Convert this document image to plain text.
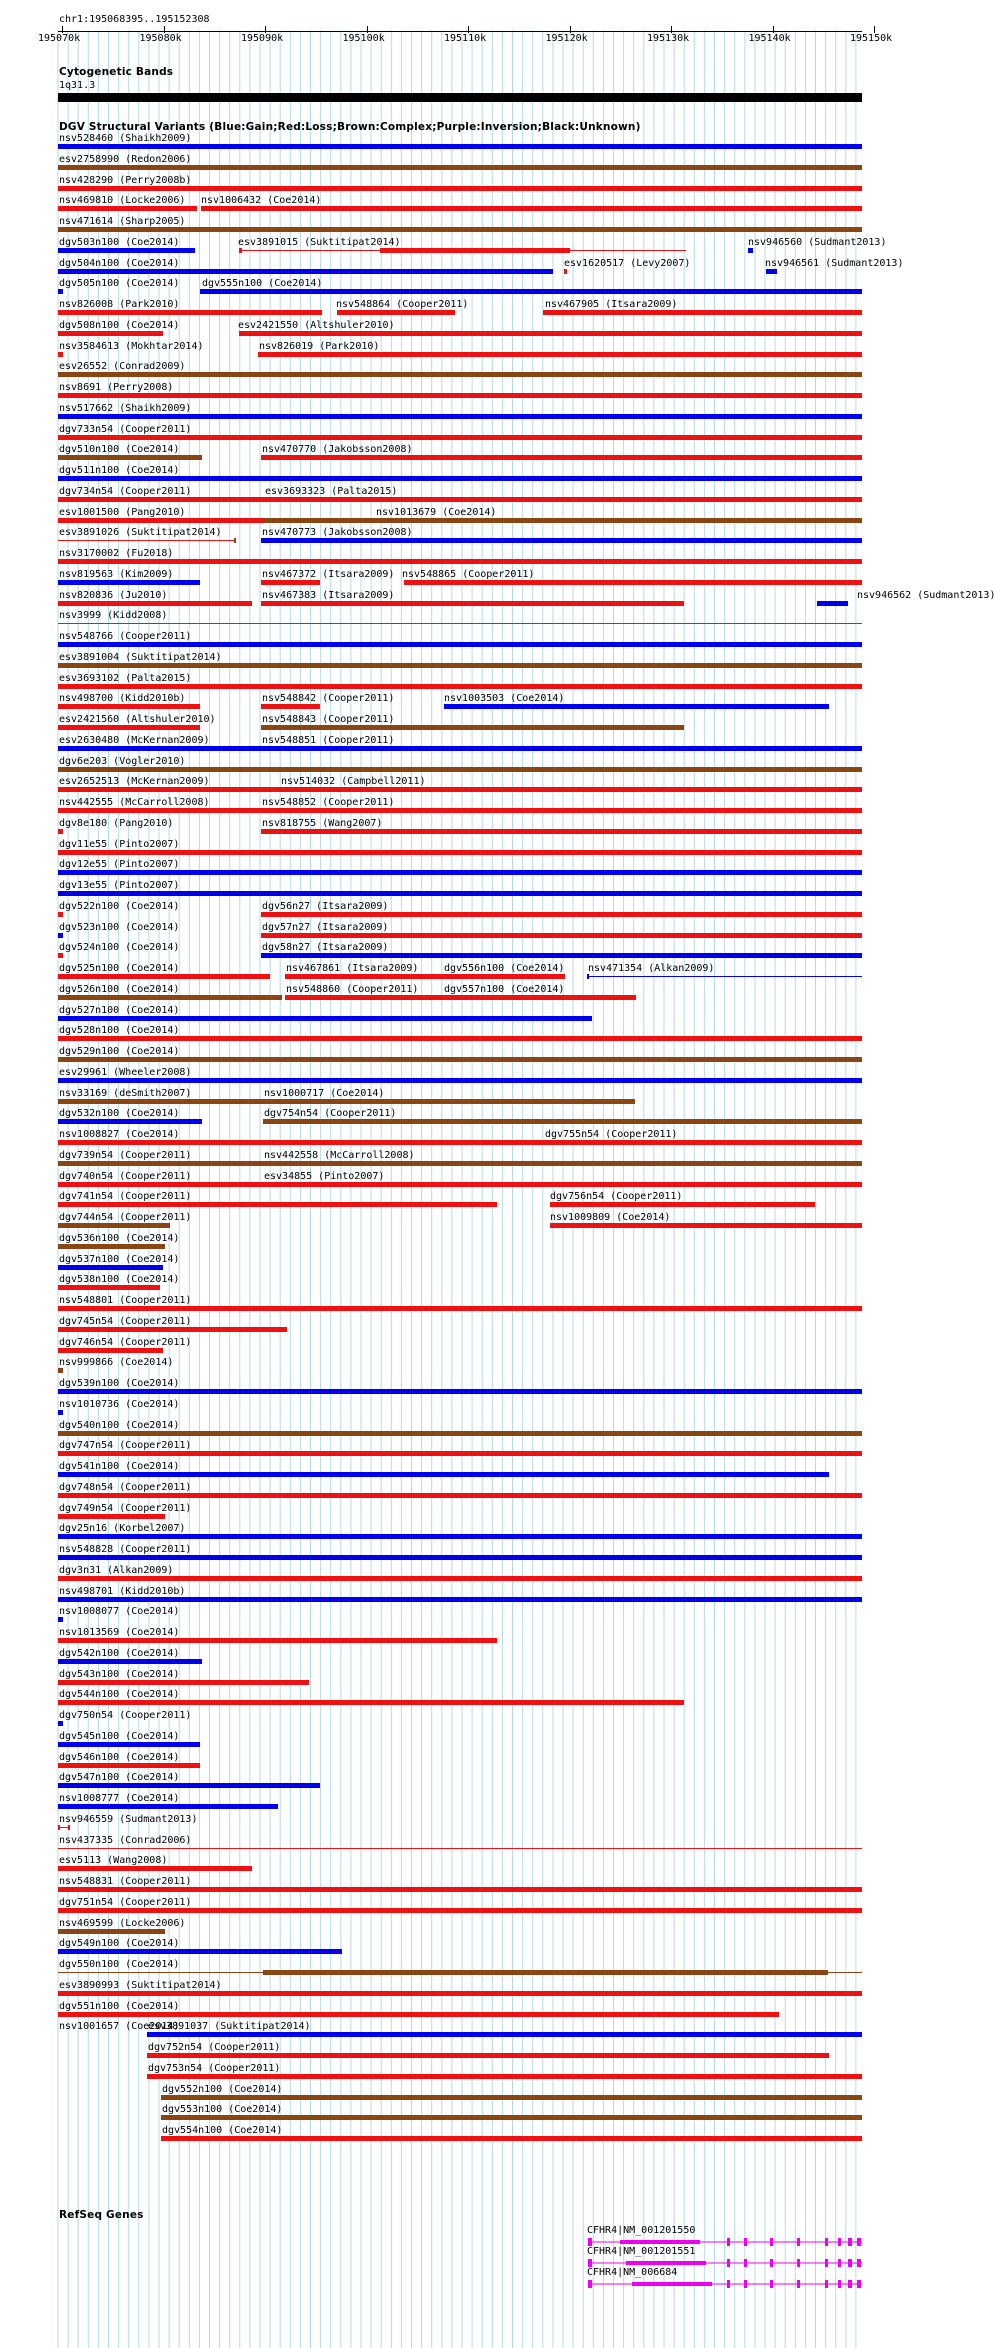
chr1:195068395..195152308
195070k	195080k	195090k	195100k	195110k	195120k	195130k	195140k	195150k
Cytogenetic Bands
1q31.3
DGV Structural Variants (Blue:Gain;Red:Loss;Brown:Complex;Purple:Inversion;Black:Unknown)
nsv528460 (Shaikh2009)
esv2758990 (Redon2006)
nsv428290 (Perry2008b)
nsv469810 (Locke2006) nsv1006432 (Coe2014)
nsv471614 (Sharp2005)
dgv503n100 (Coe2014)	esv3891015 (Suktitipat2014)	nsv946560 (Sudmant2013)
dgv504n100 (Coe2014)	esv1620517 (Levy2007)	nsv946561 (Sudmant2013)
dgv505n100 (Coe2014) dgv555n100 (Coe2014)
nsv826008 (Park2010)	nsv548864 (Cooper2011)	nsv467905 (Itsara2009)
dgv508n100 (Coe2014)	esv2421550 (Altshuler2010)
nsv3584613 (Mokhtar2014)	nsv826019 (Park2010)
esv26552 (Conrad2009)
nsv8691 (Perry2008)
nsv517662 (Shaikh2009)
dgv733n54 (Cooper2011)
dgv510n100 (Coe2014)	nsv470770 (Jakobsson2008)
dgv511n100 (Coe2014)
dgv734n54 (Cooper2011)	esv3693323 (Palta2015)
esv1001500 (Pang2010)	nsv1013679 (Coe2014)
esv3891026 (Suktitipat2014)	nsv470773 (Jakobsson2008)
nsv3170002 (Fu2018)
nsv819563 (Kim2009)	nsv467372 (Itsara2009) nsv548865 (Cooper2011)
nsv820836 (Ju2010)	nsv467383 (Itsara2009)	nsv946562 (Sudmant2013)
nsv3999 (Kidd2008)
nsv548766 (Cooper2011)
esv3891004 (Suktitipat2014)
esv3693102 (Palta2015)
nsv498700 (Kidd2010b)	nsv548842 (Cooper2011)	nsv1003503 (Coe2014)
esv2421560 (Altshuler2010)	nsv548843 (Cooper2011)
esv2630480 (McKernan2009)	nsv548851 (Cooper2011)
dgv6e203 (Vogler2010)
esv2652513 (McKernan2009)	nsv514032 (Campbell2011)
nsv442555 (McCarroll2008)	nsv548852 (Cooper2011)
dgv8e180 (Pang2010)	nsv818755 (Wang2007)
dgv11e55 (Pinto2007)
dgv12e55 (Pinto2007)
dgv13e55 (Pinto2007)
dgv522n100 (Coe2014)	dgv56n27 (Itsara2009)
dgv523n100 (Coe2014)	dgv57n27 (Itsara2009)
dgv524n100 (Coe2014)	dgv58n27 (Itsara2009)
dgv525n100 (Coe2014)	nsv467861 (Itsara2009)	dgv556n100 (Coe2014) nsv471354 (Alkan2009)
dgv526n100 (Coe2014)	nsv548860 (Cooper2011)	dgv557n100 (Coe2014)
dgv527n100 (Coe2014)
dgv528n100 (Coe2014)
dgv529n100 (Coe2014)
esv29961 (Wheeler2008)
nsv33169 (deSmith2007)	nsv1000717 (Coe2014)
dgv532n100 (Coe2014)	dgv754n54 (Cooper2011)
nsv1008827 (Coe2014)	dgv755n54 (Cooper2011)
dgv739n54 (Cooper2011)	nsv442558 (McCarroll2008)
dgv740n54 (Cooper2011)	esv34855 (Pinto2007)
dgv741n54 (Cooper2011)	dgv756n54 (Cooper2011)
dgv744n54 (Cooper2011)	nsv1009809 (Coe2014)
dgv536n100 (Coe2014)
dgv537n100 (Coe2014)
dgv538n100 (Coe2014)
nsv548801 (Cooper2011)
dgv745n54 (Cooper2011)
dgv746n54 (Cooper2011)
nsv999866 (Coe2014)
dgv539n100 (Coe2014)
nsv1010736 (Coe2014)
dgv540n100 (Coe2014)
dgv747n54 (Cooper2011)
dgv541n100 (Coe2014)
dgv748n54 (Cooper2011)
dgv749n54 (Cooper2011)
dgv25n16 (Korbel2007)
nsv548828 (Cooper2011)
dgv3n31 (Alkan2009)
nsv498701 (Kidd2010b)
nsv1008077 (Coe2014)
nsv1013569 (Coe2014)
dgv542n100 (Coe2014)
dgv543n100 (Coe2014)
dgv544n100 (Coe2014)
dgv750n54 (Cooper2011)
dgv545n100 (Coe2014)
dgv546n100 (Coe2014)
dgv547n100 (Coe2014)
nsv1008777 (Coe2014)
nsv946559 (Sudmant2013)
nsv437335 (Conrad2006)
esv5113 (Wang2008)
nsv548831 (Cooper2011)
dgv751n54 (Cooper2011)
nsv469599 (Locke2006)
dgv549n100 (Coe2014)
dgv550n100 (Coe2014)
esv3890993 (Suktitipat2014)
dgv551n100 (Coe2014)
nsv1001657 (Coe2014)
esv3891037 (Suktitipat2014)
dgv752n54 (Cooper2011)
dgv753n54 (Cooper2011)
dgv552n100 (Coe2014)
dgv553n100 (Coe2014)
dgv554n100 (Coe2014)
RefSeq Genes
CFHR4|NM_001201550
CFHR4|NM_001201551
CFHR4|NM_006684
